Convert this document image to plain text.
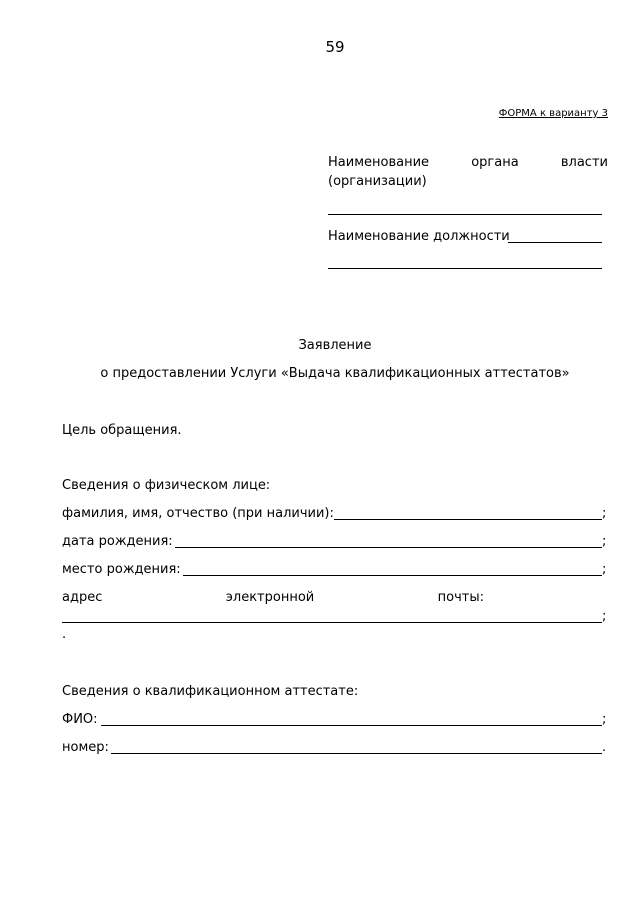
59
ФОРМА к варианту 3
Наименование	органа	власти
(организации)
Наименование должности
Заявление
о предоставлении Услуги «Выдача квалификационных аттестатов»
Цель обращения.
Сведения о физическом лице:
фамилия, имя, отчество (при наличии):	;
дата рождения:	;
место рождения:	;
адрес	электронной	почты:
;
.
Сведения о квалификационном аттестате:
ФИО:	;
номер:	.
